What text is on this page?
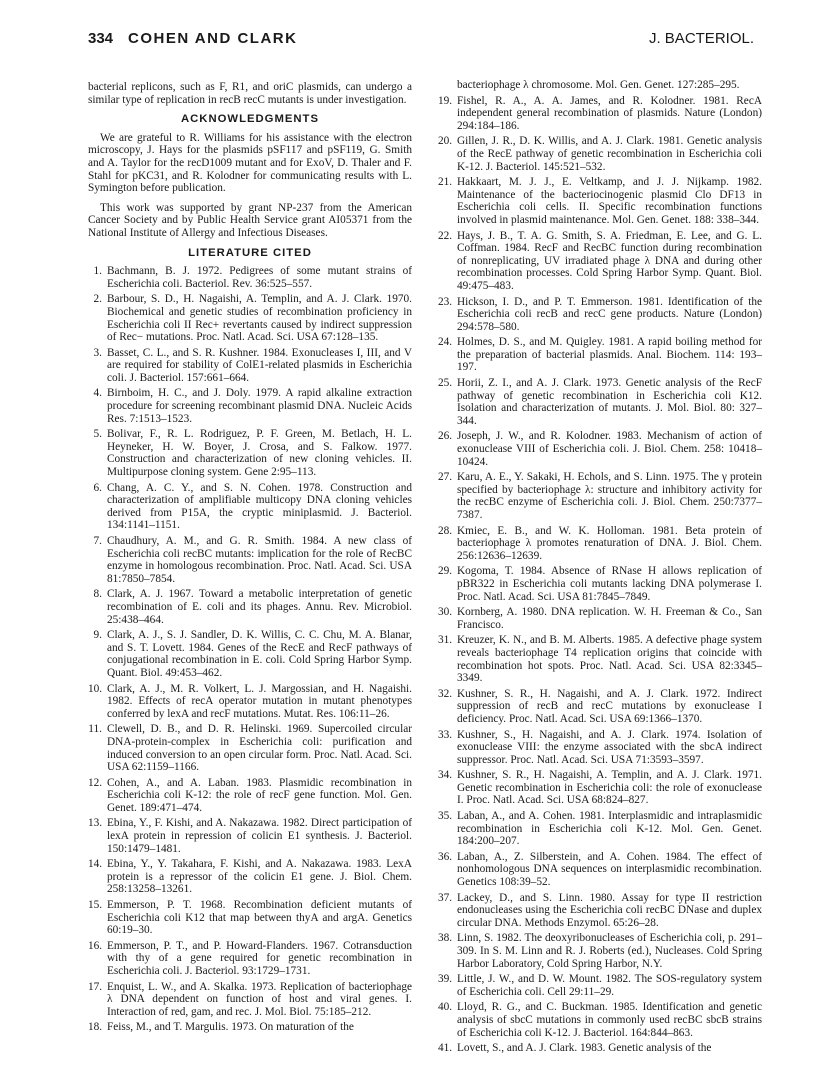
334 COHEN AND CLARK	J. BACTERIOL.

bacterial replicons, such as F, R1, and oriC plasmids, can undergo a similar type of replication in recB recC mutants is under investigation.

ACKNOWLEDGMENTS

We are grateful to R. Williams for his assistance with the electron microscopy, J. Hays for the plasmids pSF117 and pSF119, G. Smith and A. Taylor for the recD1009 mutant and for ExoV, D. Thaler and F. Stahl for pKC31, and R. Kolodner for communicating results with L. Symington before publication.

This work was supported by grant NP-237 from the American Cancer Society and by Public Health Service grant AI05371 from the National Institute of Allergy and Infectious Diseases.

LITERATURE CITED
1. Bachmann, B. J. 1972. Pedigrees of some mutant strains of Escherichia coli. Bacteriol. Rev. 36:525–557.
2. Barbour, S. D., H. Nagaishi, A. Templin, and A. J. Clark. 1970. Biochemical and genetic studies of recombination proficiency in Escherichia coli II Rec+ revertants caused by indirect suppression of Rec− mutations. Proc. Natl. Acad. Sci. USA 67:128–135.
3. Basset, C. L., and S. R. Kushner. 1984. Exonucleases I, III, and V are required for stability of ColE1-related plasmids in Escherichia coli. J. Bacteriol. 157:661–664.
4. Birnboim, H. C., and J. Doly. 1979. A rapid alkaline extraction procedure for screening recombinant plasmid DNA. Nucleic Acids Res. 7:1513–1523.
5. Bolivar, F., R. L. Rodriguez, P. F. Green, M. Betlach, H. L. Heyneker, H. W. Boyer, J. Crosa, and S. Falkow. 1977. Construction and characterization of new cloning vehicles. II. Multipurpose cloning system. Gene 2:95–113.
6. Chang, A. C. Y., and S. N. Cohen. 1978. Construction and characterization of amplifiable multicopy DNA cloning vehicles derived from P15A, the cryptic miniplasmid. J. Bacteriol. 134:1141–1151.
7. Chaudhury, A. M., and G. R. Smith. 1984. A new class of Escherichia coli recBC mutants: implication for the role of RecBC enzyme in homologous recombination. Proc. Natl. Acad. Sci. USA 81:7850–7854.
8. Clark, A. J. 1967. Toward a metabolic interpretation of genetic recombination of E. coli and its phages. Annu. Rev. Microbiol. 25:438–464.
9. Clark, A. J., S. J. Sandler, D. K. Willis, C. C. Chu, M. A. Blanar, and S. T. Lovett. 1984. Genes of the RecE and RecF pathways of conjugational recombination in E. coli. Cold Spring Harbor Symp. Quant. Biol. 49:453–462.
10. Clark, A. J., M. R. Volkert, L. J. Margossian, and H. Nagaishi. 1982. Effects of recA operator mutation in mutant phenotypes conferred by lexA and recF mutations. Mutat. Res. 106:11–26.
11. Clewell, D. B., and D. R. Helinski. 1969. Supercoiled circular DNA-protein-complex in Escherichia coli: purification and induced conversion to an open circular form. Proc. Natl. Acad. Sci. USA 62:1159–1166.
12. Cohen, A., and A. Laban. 1983. Plasmidic recombination in Escherichia coli K-12: the role of recF gene function. Mol. Gen. Genet. 189:471–474.
13. Ebina, Y., F. Kishi, and A. Nakazawa. 1982. Direct participation of lexA protein in repression of colicin E1 synthesis. J. Bacteriol. 150:1479–1481.
14. Ebina, Y., Y. Takahara, F. Kishi, and A. Nakazawa. 1983. LexA protein is a repressor of the colicin E1 gene. J. Biol. Chem. 258:13258–13261.
15. Emmerson, P. T. 1968. Recombination deficient mutants of Escherichia coli K12 that map between thyA and argA. Genetics 60:19–30.
16. Emmerson, P. T., and P. Howard-Flanders. 1967. Cotransduction with thy of a gene required for genetic recombination in Escherichia coli. J. Bacteriol. 93:1729–1731.
17. Enquist, L. W., and A. Skalka. 1973. Replication of bacteriophage λ DNA dependent on function of host and viral genes. I. Interaction of red, gam, and rec. J. Mol. Biol. 75:185–212.
18. Feiss, M., and T. Margulis. 1973. On maturation of the
bacteriophage λ chromosome. Mol. Gen. Genet. 127:285–295.
19. Fishel, R. A., A. A. James, and R. Kolodner. 1981. RecA independent general recombination of plasmids. Nature (London) 294:184–186.
20. Gillen, J. R., D. K. Willis, and A. J. Clark. 1981. Genetic analysis of the RecE pathway of genetic recombination in Escherichia coli K-12. J. Bacteriol. 145:521–532.
21. Hakkaart, M. J. J., E. Veltkamp, and J. J. Nijkamp. 1982. Maintenance of the bacteriocinogenic plasmid Clo DF13 in Escherichia coli cells. II. Specific recombination functions involved in plasmid maintenance. Mol. Gen. Genet. 188: 338–344.
22. Hays, J. B., T. A. G. Smith, S. A. Friedman, E. Lee, and G. L. Coffman. 1984. RecF and RecBC function during recombination of nonreplicating, UV irradiated phage λ DNA and during other recombination processes. Cold Spring Harbor Symp. Quant. Biol. 49:475–483.
23. Hickson, I. D., and P. T. Emmerson. 1981. Identification of the Escherichia coli recB and recC gene products. Nature (London) 294:578–580.
24. Holmes, D. S., and M. Quigley. 1981. A rapid boiling method for the preparation of bacterial plasmids. Anal. Biochem. 114: 193–197.
25. Horii, Z. I., and A. J. Clark. 1973. Genetic analysis of the RecF pathway of genetic recombination in Escherichia coli K12. Isolation and characterization of mutants. J. Mol. Biol. 80: 327–344.
26. Joseph, J. W., and R. Kolodner. 1983. Mechanism of action of exonuclease VIII of Escherichia coli. J. Biol. Chem. 258: 10418–10424.
27. Karu, A. E., Y. Sakaki, H. Echols, and S. Linn. 1975. The γ protein specified by bacteriophage λ: structure and inhibitory activity for the recBC enzyme of Escherichia coli. J. Biol. Chem. 250:7377–7387.
28. Kmiec, E. B., and W. K. Holloman. 1981. Beta protein of bacteriophage λ promotes renaturation of DNA. J. Biol. Chem. 256:12636–12639.
29. Kogoma, T. 1984. Absence of RNase H allows replication of pBR322 in Escherichia coli mutants lacking DNA polymerase I. Proc. Natl. Acad. Sci. USA 81:7845–7849.
30. Kornberg, A. 1980. DNA replication. W. H. Freeman & Co., San Francisco.
31. Kreuzer, K. N., and B. M. Alberts. 1985. A defective phage system reveals bacteriophage T4 replication origins that coincide with recombination hot spots. Proc. Natl. Acad. Sci. USA 82:3345–3349.
32. Kushner, S. R., H. Nagaishi, and A. J. Clark. 1972. Indirect suppression of recB and recC mutations by exonuclease I deficiency. Proc. Natl. Acad. Sci. USA 69:1366–1370.
33. Kushner, S., H. Nagaishi, and A. J. Clark. 1974. Isolation of exonuclease VIII: the enzyme associated with the sbcA indirect suppressor. Proc. Natl. Acad. Sci. USA 71:3593–3597.
34. Kushner, S. R., H. Nagaishi, A. Templin, and A. J. Clark. 1971. Genetic recombination in Escherichia coli: the role of exonuclease I. Proc. Natl. Acad. Sci. USA 68:824–827.
35. Laban, A., and A. Cohen. 1981. Interplasmidic and intraplasmidic recombination in Escherichia coli K-12. Mol. Gen. Genet. 184:200–207.
36. Laban, A., Z. Silberstein, and A. Cohen. 1984. The effect of nonhomologous DNA sequences on interplasmidic recombination. Genetics 108:39–52.
37. Lackey, D., and S. Linn. 1980. Assay for type II restriction endonucleases using the Escherichia coli recBC DNase and duplex circular DNA. Methods Enzymol. 65:26–28.
38. Linn, S. 1982. The deoxyribonucleases of Escherichia coli, p. 291–309. In S. M. Linn and R. J. Roberts (ed.), Nucleases. Cold Spring Harbor Laboratory, Cold Spring Harbor, N.Y.
39. Little, J. W., and D. W. Mount. 1982. The SOS-regulatory system of Escherichia coli. Cell 29:11–29.
40. Lloyd, R. G., and C. Buckman. 1985. Identification and genetic analysis of sbcC mutations in commonly used recBC sbcB strains of Escherichia coli K-12. J. Bacteriol. 164:844–863.
41. Lovett, S., and A. J. Clark. 1983. Genetic analysis of the
